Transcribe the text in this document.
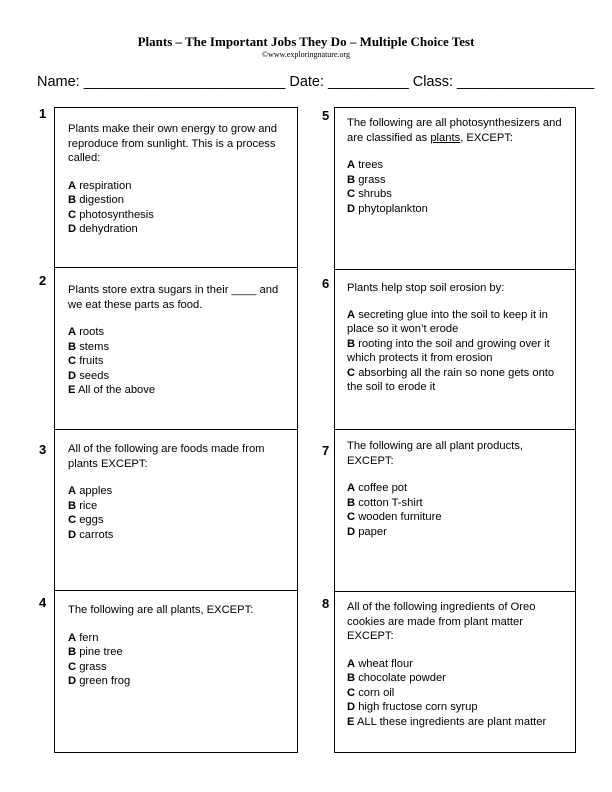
Plants – The Important Jobs They Do – Multiple Choice Test
©www.exploringnature.org
Name: _________________________ Date: __________ Class: _________________
1
Plants make their own energy to grow and reproduce from sunlight. This is a process called:
A respiration
B digestion
C photosynthesis
D dehydration
2
Plants store extra sugars in their ____ and we eat these parts as food.
A roots
B stems
C fruits
D seeds
E All of the above
3 All of the following are foods made from plants EXCEPT:
A apples
B rice
C eggs
D carrots
4 The following are all plants, EXCEPT:
A fern
B pine tree
C grass
D green frog
5 The following are all photosynthesizers and are classified as plants, EXCEPT:
A trees
B grass
C shrubs
D phytoplankton
6 Plants help stop soil erosion by:
A secreting glue into the soil to keep it in place so it won’t erode
B rooting into the soil and growing over it which protects it from erosion
C absorbing all the rain so none gets onto the soil to erode it
7 The following are all plant products, EXCEPT:
A coffee pot
B cotton T-shirt
C wooden furniture
D paper
8 All of the following ingredients of Oreo cookies are made from plant matter EXCEPT:
A wheat flour
B chocolate powder
C corn oil
D high fructose corn syrup
E ALL these ingredients are plant matter
